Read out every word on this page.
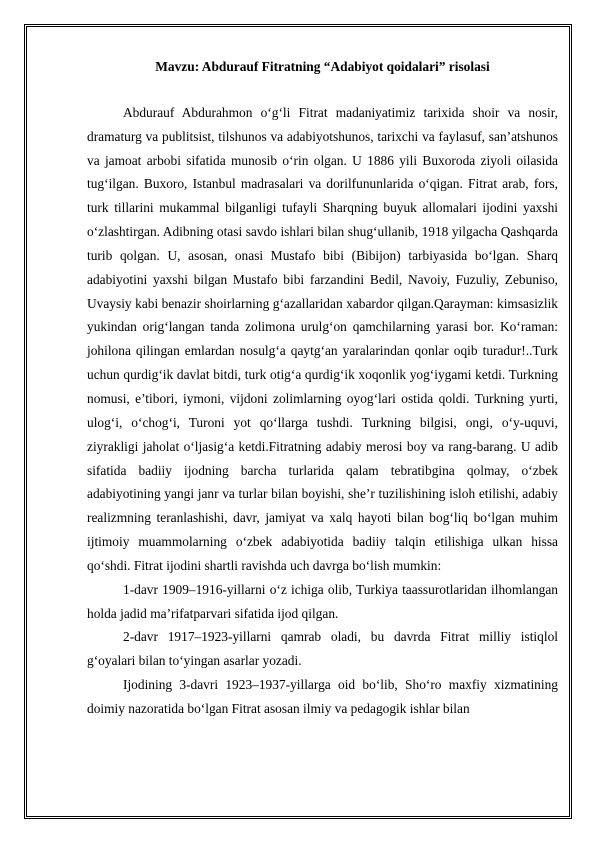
Mavzu: Abdurauf Fitratning “Adabiyot qoidalari” risolasi

Abdurauf Abdurahmon o‘g‘li Fitrat madaniyatimiz tarixida shoir va nosir, dramaturg va publitsist, tilshunos va adabiyotshunos, tarixchi va faylasuf, san’atshunos va jamoat arbobi sifatida munosib o‘rin olgan. U 1886 yili Buxoroda ziyoli oilasida tug‘ilgan. Buxoro, Istanbul madrasalari va dorilfununlarida o‘qigan. Fitrat arab, fors, turk tillarini mukammal bilganligi tufayli Sharqning buyuk allomalari ijodini yaxshi o‘zlashtirgan. Adibning otasi savdo ishlari bilan shug‘ullanib, 1918 yilgacha Qashqarda turib qolgan. U, asosan, onasi Mustafo bibi (Bibijon) tarbiyasida bo‘lgan. Sharq adabiyotini yaxshi bilgan Mustafo bibi farzandini Bedil, Navoiy, Fuzuliy, Zebuniso, Uvaysiy kabi benazir shoirlarning g‘azallaridan xabardor qilgan.Qarayman: kimsasizlik yukindan orig‘langan tanda zolimona urulg‘on qamchilarning yarasi bor. Ko‘raman: johilona qilingan emlardan nosulg‘a qaytg‘an yaralarindan qonlar oqib turadur!..Turk uchun qurdig‘ik davlat bitdi, turk otig‘a qurdig‘ik xoqonlik yog‘iygami ketdi. Turkning nomusi, e’tibori, iymoni, vijdoni zolimlarning oyog‘lari ostida qoldi. Turkning yurti, ulog‘i, o‘chog‘i, Turoni yot qo‘llarga tushdi. Turkning bilgisi, ongi, o‘y-uquvi, ziyrakligi jaholat o‘ljasig‘a ketdi.Fitratning adabiy merosi boy va rang-barang. U adib sifatida badiiy ijodning barcha turlarida qalam tebratibgina qolmay, o‘zbek adabiyotining yangi janr va turlar bilan boyishi, she’r tuzilishining isloh etilishi, adabiy realizmning teranlashishi, davr, jamiyat va xalq hayoti bilan bog‘liq bo‘lgan muhim ijtimoiy muammolarning o‘zbek adabiyotida badiiy talqin etilishiga ulkan hissa qo‘shdi. Fitrat ijodini shartli ravishda uch davrga bo‘lish mumkin:

1-davr 1909–1916-yillarni o‘z ichiga olib, Turkiya taassurotlaridan ilhomlangan holda jadid ma’rifatparvari sifatida ijod qilgan.

2-davr 1917–1923-yillarni qamrab oladi, bu davrda Fitrat milliy istiqlol g‘oyalari bilan to‘yingan asarlar yozadi.

Ijodining 3-davri 1923–1937-yillarga oid bo‘lib, Sho‘ro maxfiy xizmatining doimiy nazoratida bo‘lgan Fitrat asosan ilmiy va pedagogik ishlar bilan
